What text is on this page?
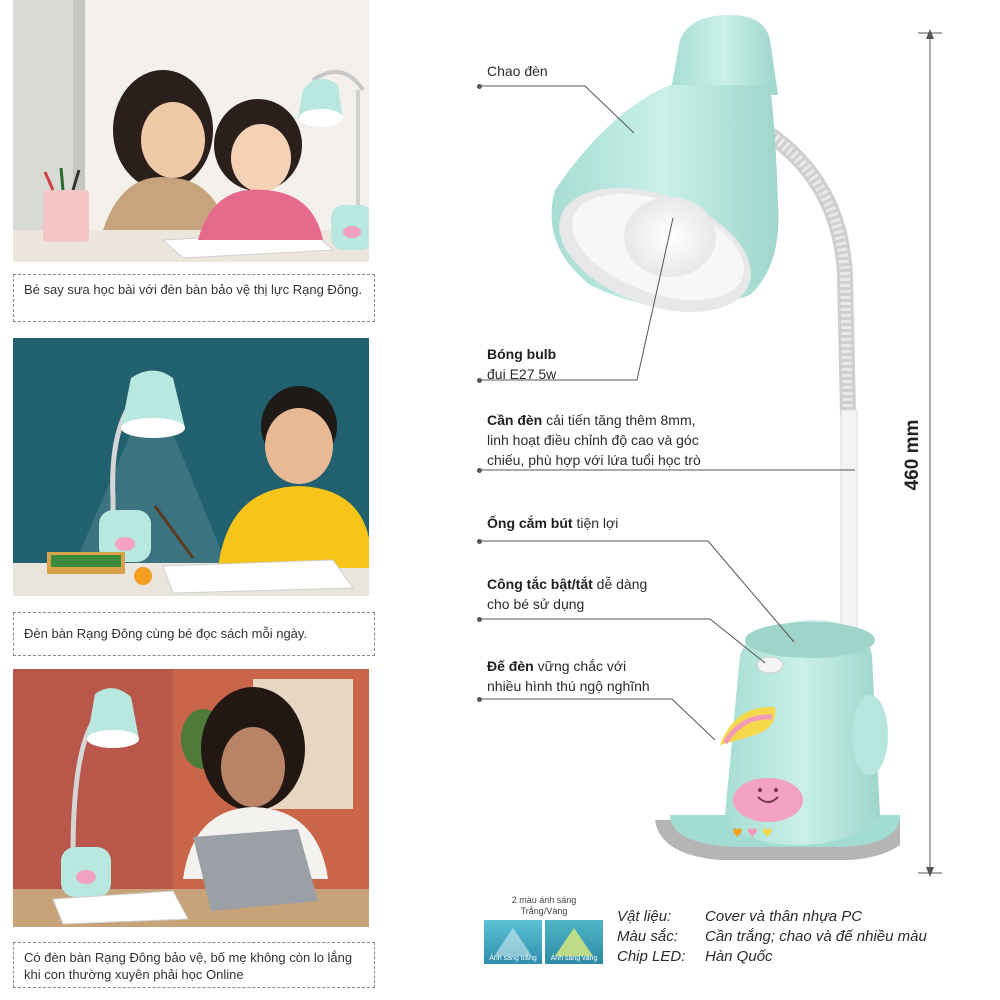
Bé say sưa học bài với đèn bàn bảo vệ thị lực Rạng Đông.
Đèn bàn Rạng Đông cùng bé đọc sách mỗi ngày.
Có đèn bàn Rạng Đông bảo vệ, bố mẹ không còn lo lắng khi con thường xuyên phải học Online
♥ ♥ ♥
Chao đèn
Bóng bulb
đui E27 5w
Cần đèn cải tiến tăng thêm 8mm,
linh hoạt điều chỉnh độ cao và góc
chiếu, phù hợp với lứa tuổi học trò
Ống cắm bút tiện lợi
Công tắc bật/tắt dễ dàng
cho bé sử dụng
Đế đèn vững chắc với
nhiều hình thú ngộ nghĩnh
460 mm
2 màu ánh sáng
Trắng/Vàng
Ánh sáng trắng	Ánh sáng vàng
Vật liệu: Cover và thân nhựa PC
Màu sắc: Cần trắng; chao và đế nhiều màu
Chip LED: Hàn Quốc
